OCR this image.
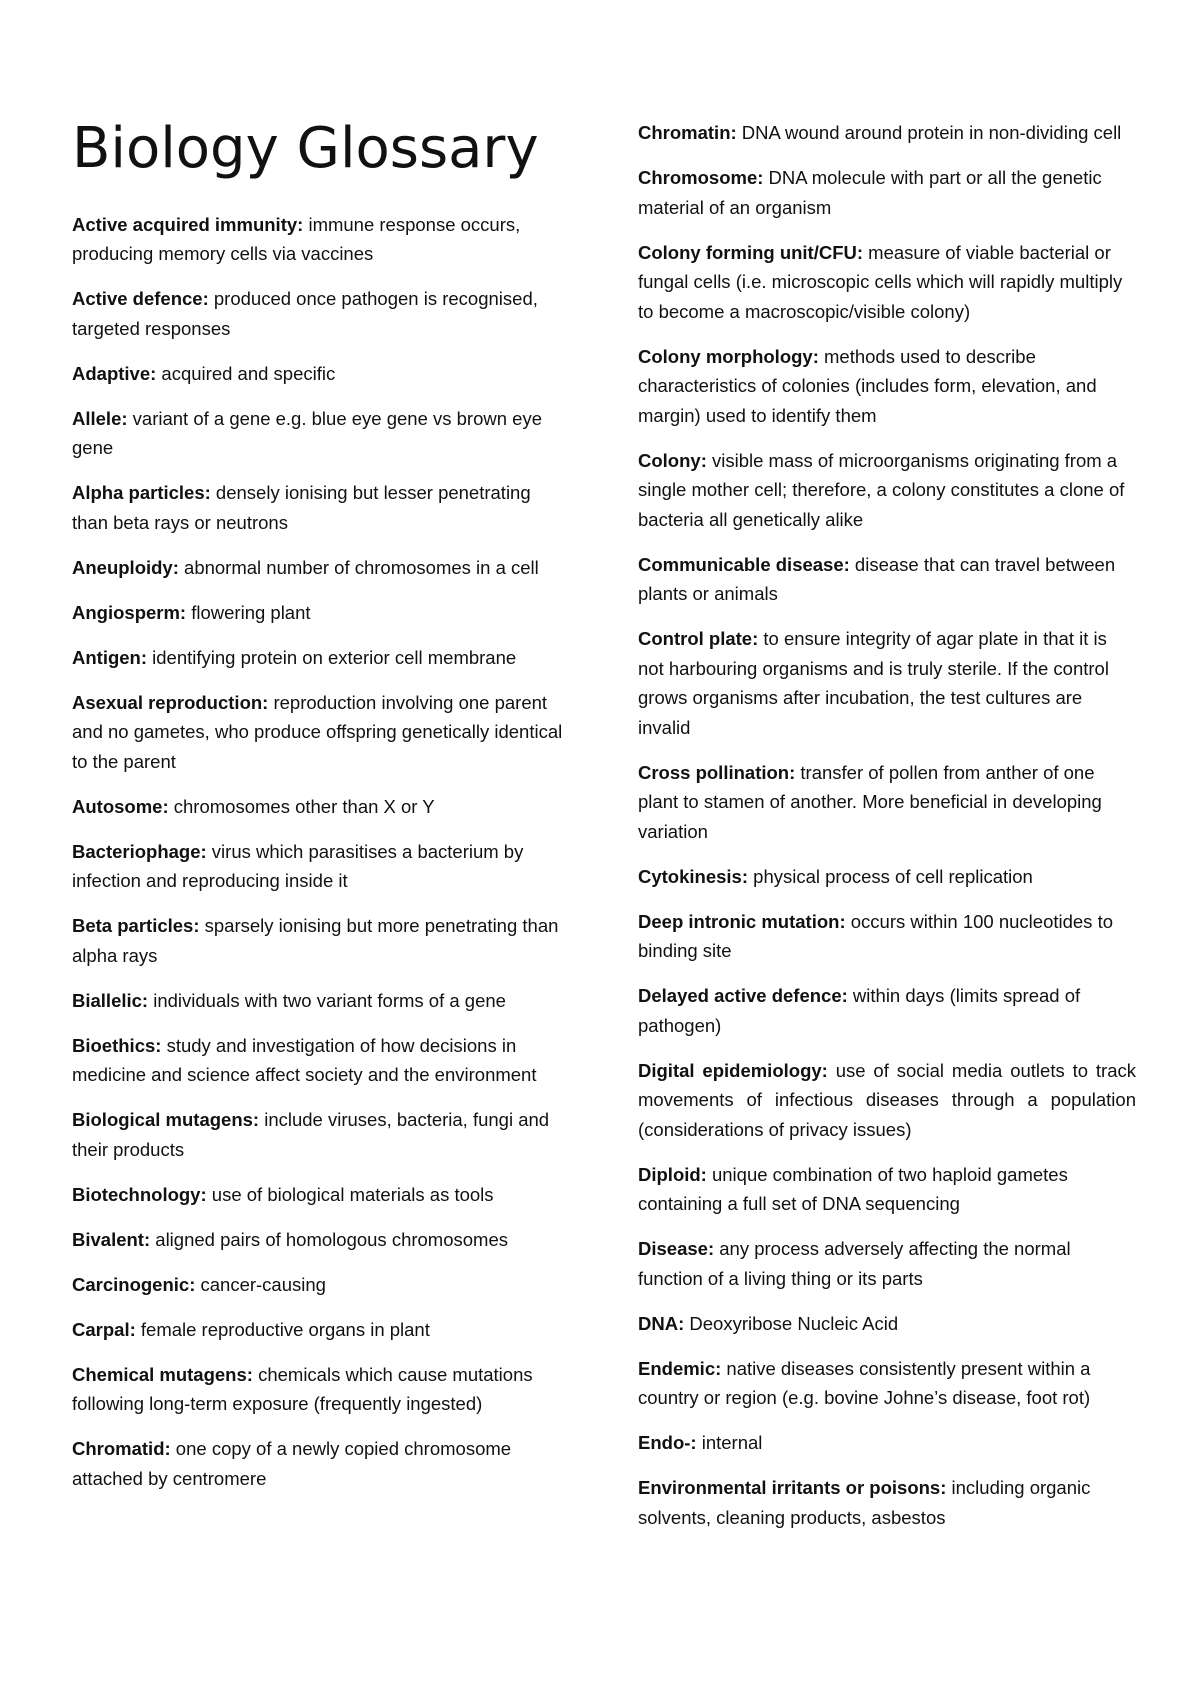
Biology Glossary

Active acquired immunity: immune response occurs, producing memory cells via vaccines

Active defence: produced once pathogen is recognised, targeted responses

Adaptive: acquired and specific

Allele: variant of a gene e.g. blue eye gene vs brown eye gene

Alpha particles: densely ionising but lesser penetrating than beta rays or neutrons

Aneuploidy: abnormal number of chromosomes in a cell

Angiosperm: flowering plant

Antigen: identifying protein on exterior cell membrane

Asexual reproduction: reproduction involving one parent and no gametes, who produce offspring genetically identical to the parent

Autosome: chromosomes other than X or Y

Bacteriophage: virus which parasitises a bacterium by infection and reproducing inside it

Beta particles: sparsely ionising but more penetrating than alpha rays

Biallelic: individuals with two variant forms of a gene

Bioethics: study and investigation of how decisions in medicine and science affect society and the environment

Biological mutagens: include viruses, bacteria, fungi and their products

Biotechnology: use of biological materials as tools

Bivalent: aligned pairs of homologous chromosomes

Carcinogenic: cancer-causing

Carpal: female reproductive organs in plant

Chemical mutagens: chemicals which cause mutations following long-term exposure (frequently ingested)

Chromatid: one copy of a newly copied chromosome attached by centromere

Chromatin: DNA wound around protein in non-dividing cell

Chromosome: DNA molecule with part or all the genetic material of an organism

Colony forming unit/CFU: measure of viable bacterial or fungal cells (i.e. microscopic cells which will rapidly multiply to become a macroscopic/visible colony)

Colony morphology: methods used to describe characteristics of colonies (includes form, elevation, and margin) used to identify them

Colony: visible mass of microorganisms originating from a single mother cell; therefore, a colony constitutes a clone of bacteria all genetically alike

Communicable disease: disease that can travel between plants or animals

Control plate: to ensure integrity of agar plate in that it is not harbouring organisms and is truly sterile. If the control grows organisms after incubation, the test cultures are invalid

Cross pollination: transfer of pollen from anther of one plant to stamen of another. More beneficial in developing variation

Cytokinesis: physical process of cell replication

Deep intronic mutation: occurs within 100 nucleotides to binding site

Delayed active defence: within days (limits spread of pathogen)

Digital epidemiology: use of social media outlets to track movements of infectious diseases through a population (considerations of privacy issues)

Diploid: unique combination of two haploid gametes containing a full set of DNA sequencing

Disease: any process adversely affecting the normal function of a living thing or its parts

DNA: Deoxyribose Nucleic Acid

Endemic: native diseases consistently present within a country or region (e.g. bovine Johne’s disease, foot rot)

Endo-: internal

Environmental irritants or poisons: including organic solvents, cleaning products, asbestos
